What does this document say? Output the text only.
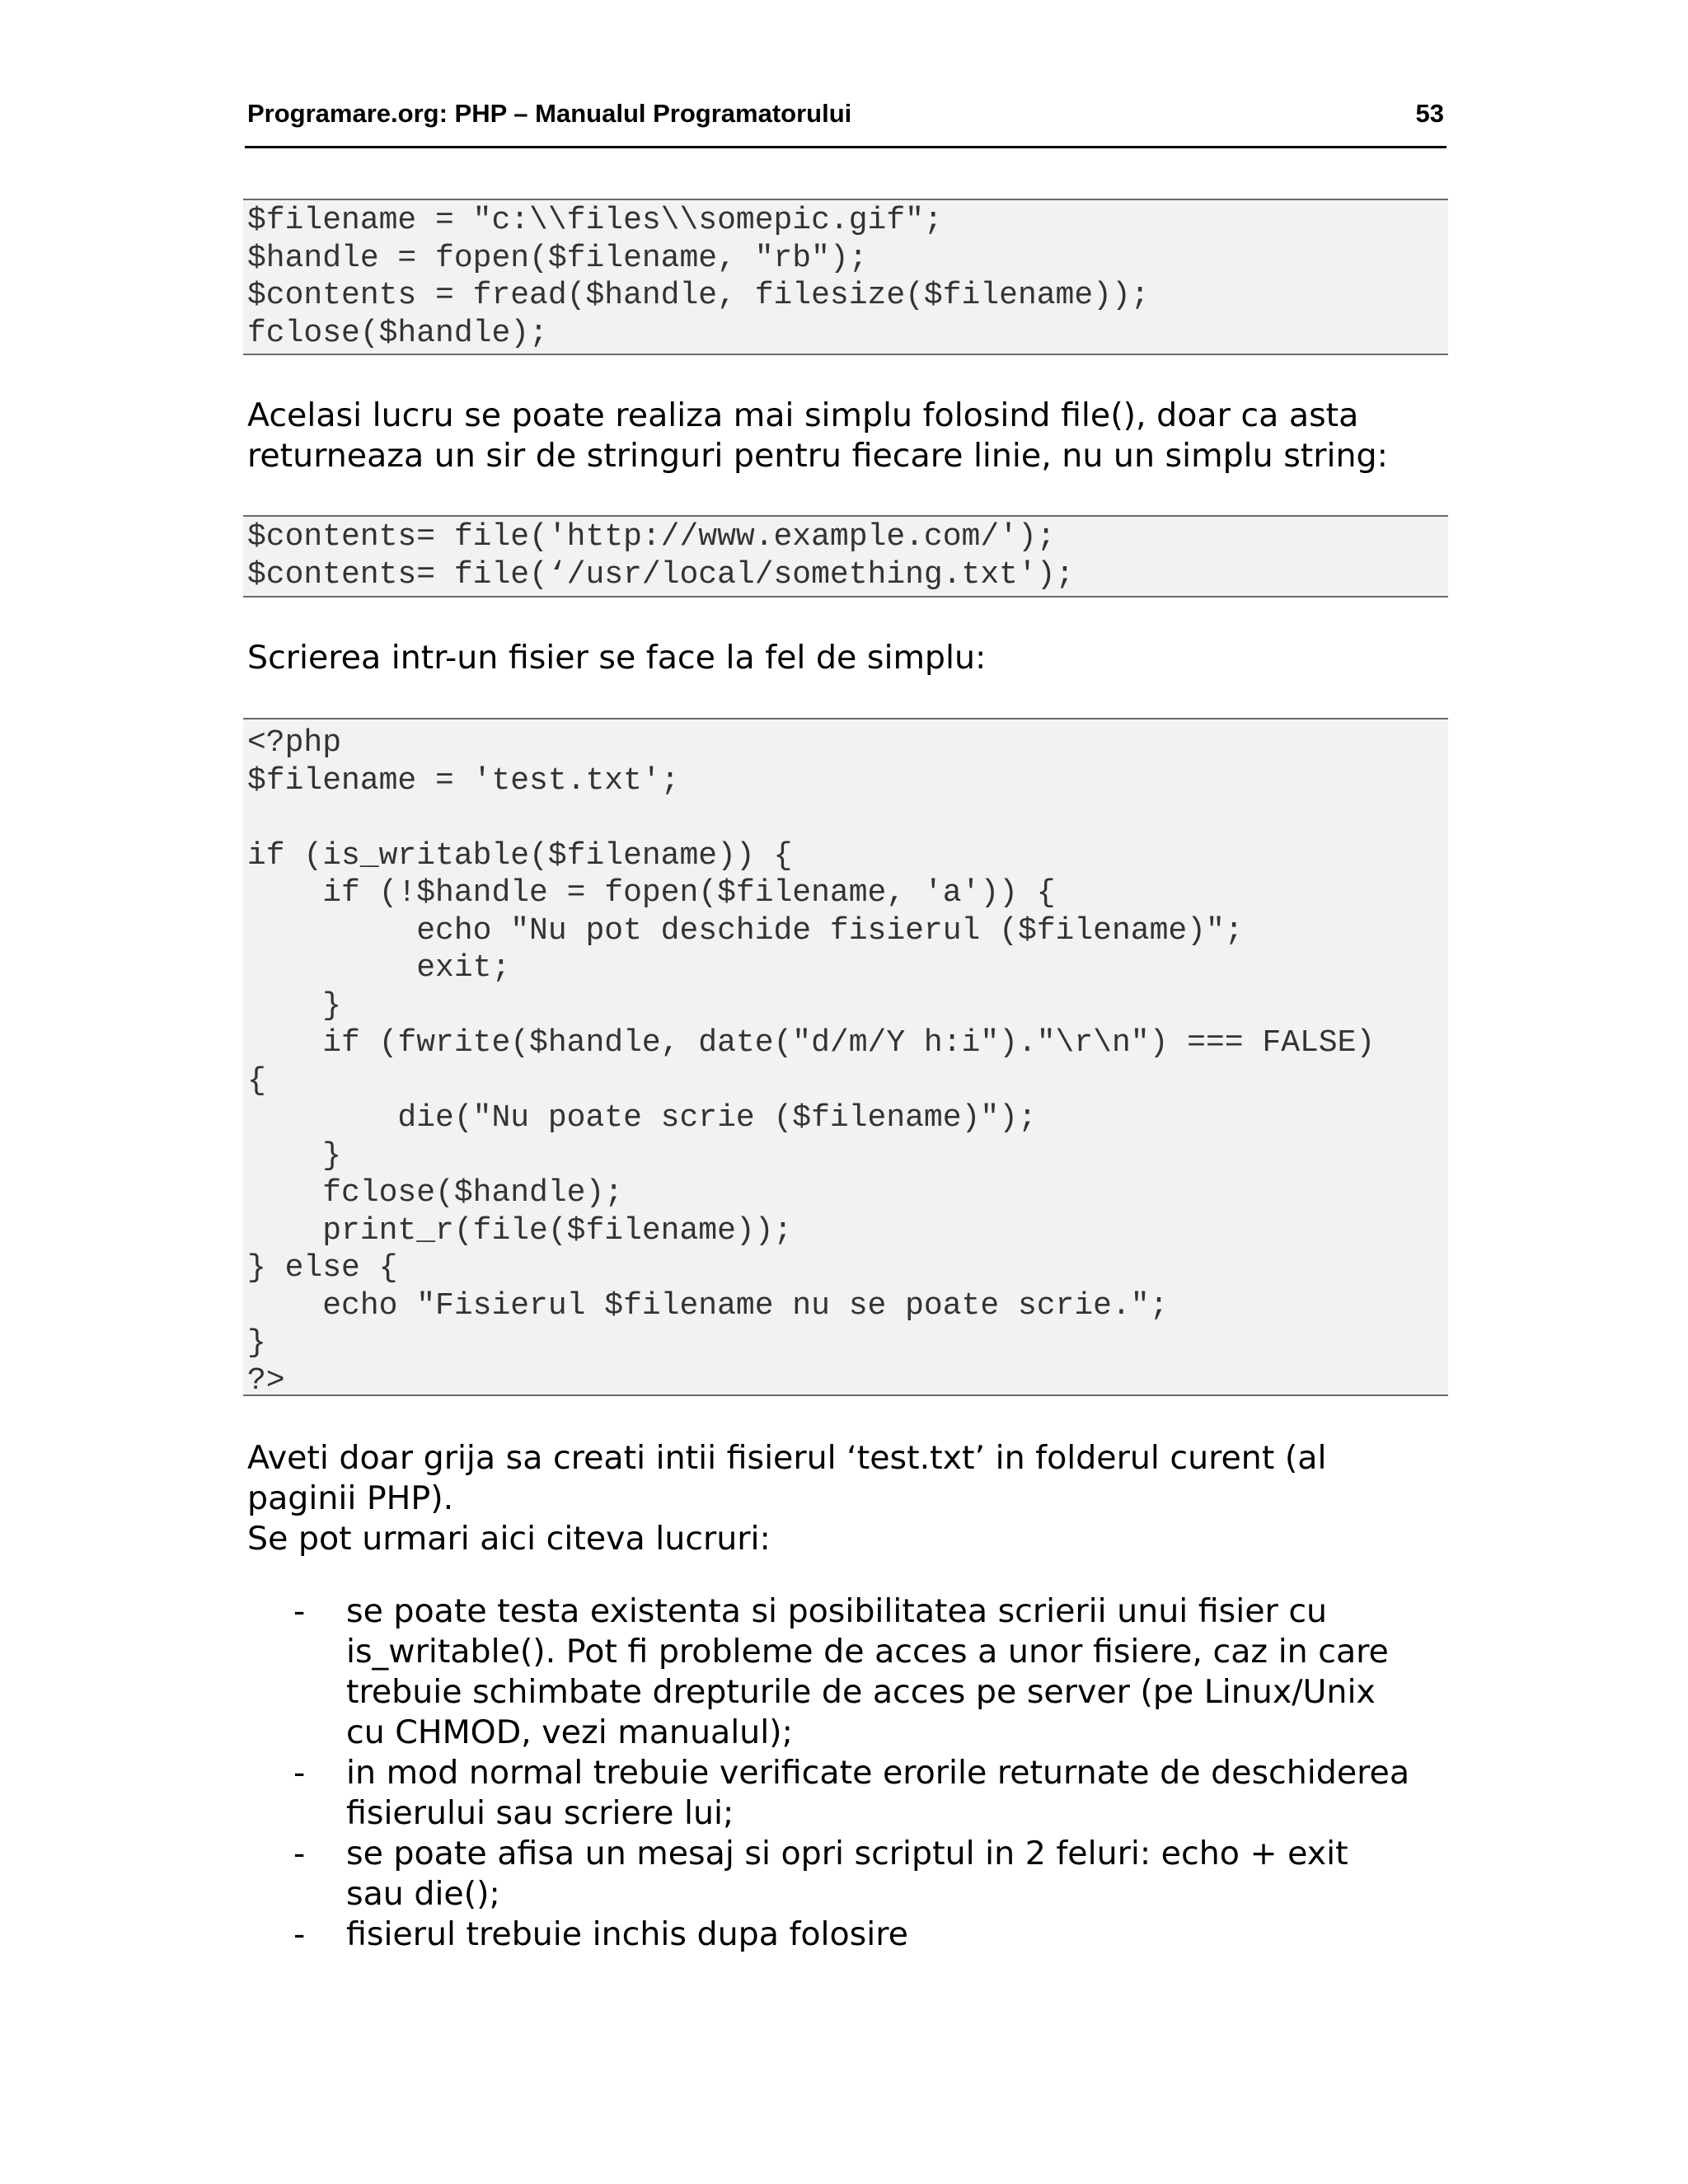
Programare.org: PHP – Manualul Programatorului	53
$filename = "c:\\files\\somepic.gif";
$handle = fopen($filename, "rb");
$contents = fread($handle, filesize($filename));
fclose($handle);

Acelasi lucru se poate realiza mai simplu folosind file(), doar ca asta
returneaza un sir de stringuri pentru fiecare linie, nu un simplu string:

$contents= file('http://www.example.com/');
$contents= file(‘/usr/local/something.txt');

Scrierea intr-un fisier se face la fel de simplu:

<?php
$filename = 'test.txt';

if (is_writable($filename)) {
if (!$handle = fopen($filename, 'a')) {
echo "Nu pot deschide fisierul ($filename)";
exit;
}
if (fwrite($handle, date("d/m/Y h:i")."\r\n") === FALSE)
{
die("Nu poate scrie ($filename)");
}
fclose($handle);
print_r(file($filename));
} else {
echo "Fisierul $filename nu se poate scrie.";
}
?>

Aveti doar grija sa creati intii fisierul ‘test.txt’ in folderul curent (al
paginii PHP).
Se pot urmari aici citeva lucruri:

- se poate testa existenta si posibilitatea scrierii unui fisier cu
is_writable(). Pot fi probleme de acces a unor fisiere, caz in care
trebuie schimbate drepturile de acces pe server (pe Linux/Unix
cu CHMOD, vezi manualul);
- in mod normal trebuie verificate erorile returnate de deschiderea
fisierului sau scriere lui;
- se poate afisa un mesaj si opri scriptul in 2 feluri: echo + exit
sau die();
- fisierul trebuie inchis dupa folosire
